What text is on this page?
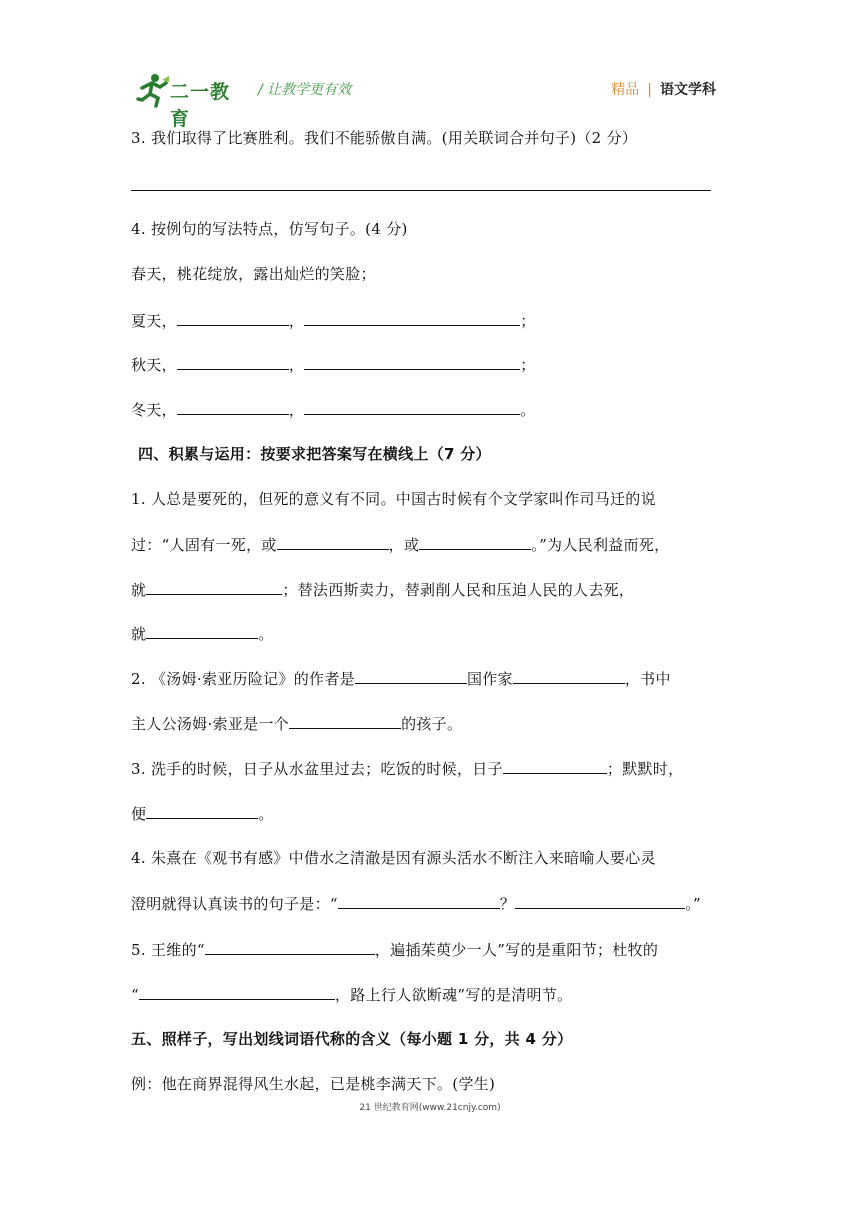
二一教育
/ 让教学更有效	精品 | 语文学科
3. 我们取得了比赛胜利。我们不能骄傲自满。(用关联词合并句子)（2 分）
4. 按例句的写法特点，仿写句子。(4 分)
春天，桃花绽放，露出灿烂的笑脸；
夏天，	，	；
秋天，	，	；
冬天，	，	。
四、积累与运用：按要求把答案写在横线上（7 分）
1. 人总是要死的，但死的意义有不同。中国古时候有个文学家叫作司马迁的说
过：“人固有一死，或	，或	。”为人民利益而死，
就	；替法西斯卖力，替剥削人民和压迫人民的人去死，
就	。
2. 《汤姆·索亚历险记》的作者是	国作家	，书中
主人公汤姆·索亚是一个	的孩子。
3. 洗手的时候，日子从水盆里过去；吃饭的时候，日子	；默默时，
便	。
4. 朱熹在《观书有感》中借水之清澈是因有源头活水不断注入来暗喻人要心灵
澄明就得认真读书的句子是：“	？	。”
5. 王维的“	，遍插茱萸少一人”写的是重阳节；杜牧的
“	，路上行人欲断魂”写的是清明节。
五、照样子，写出划线词语代称的含义（每小题 1 分，共 4 分）
例：他在商界混得风生水起，已是桃李满天下。(学生)
21 世纪教育网(www.21cnjy.com)
